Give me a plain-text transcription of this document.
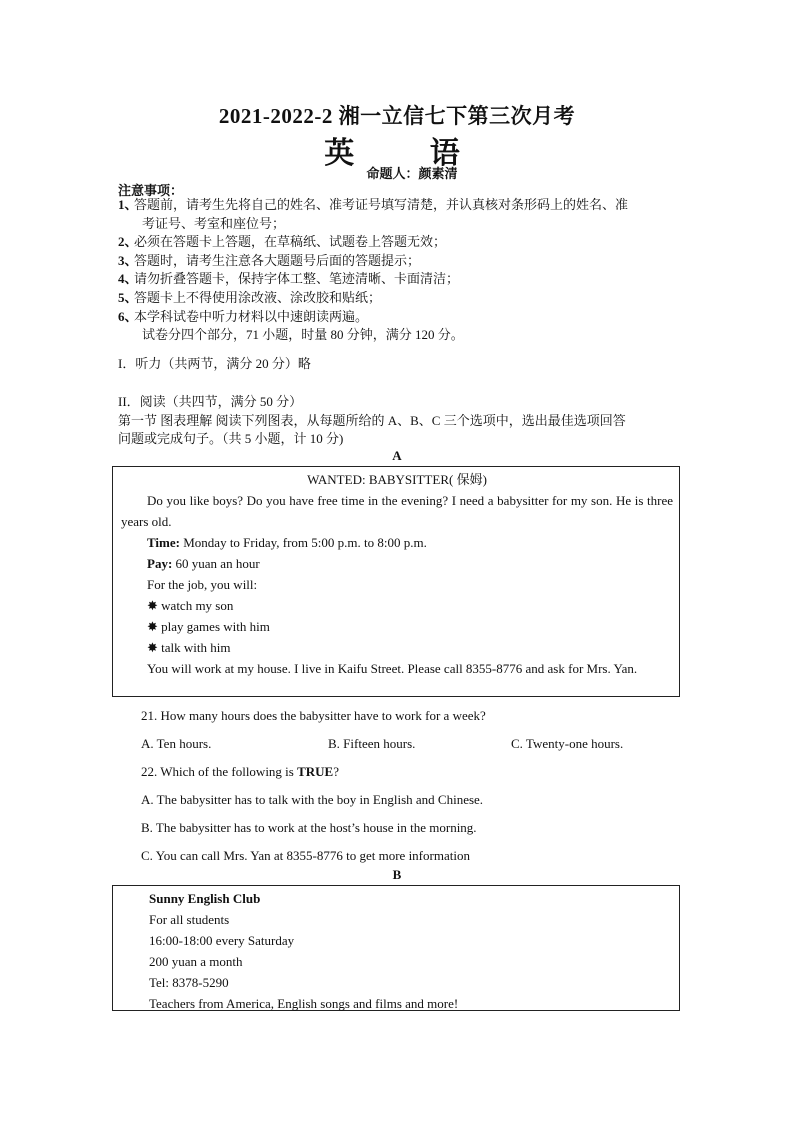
2021-2022-2 湘一立信七下第三次月考
英 语
命题人：颜素清
注意事项：
1、
答题前，请考生先将自己的姓名、准考证号填写清楚，并认真核对条形码上的姓名、准
考证号、考室和座位号；
2、
必须在答题卡上答题，在草稿纸、试题卷上答题无效；
3、
答题时，请考生注意各大题题号后面的答题提示；
4、
请勿折叠答题卡，保持字体工整、笔迹清晰、卡面清洁；
5、
答题卡上不得使用涂改液、涂改胶和贴纸；
6、
本学科试卷中听力材料以中速朗读两遍。
试卷分四个部分，71 小题，时量 80 分钟，满分 120 分。
I．听力（共两节，满分 20 分）略
II．阅读（共四节，满分 50 分）
第一节 图表理解 阅读下列图表，从每题所给的 A、B、C 三个选项中，选出最佳选项回答
问题或完成句子。（共 5 小题，计 10 分)
A
WANTED: BABYSITTER( 保姆)

Do you like boys? Do you have free time in the evening? I need a babysitter for my son. He is three years old.

Time: Monday to Friday, from 5:00 p.m. to 8:00 p.m.

Pay: 60 yuan an hour

For the job, you will:

✸ watch my son
✸ play games with him
✸ talk with him

You will work at my house. I live in Kaifu Street. Please call 8355-8776 and ask for Mrs. Yan.

21. How many hours does the babysitter have to work for a week?
A. Ten hours.	B. Fifteen hours.	C. Twenty-one hours.
22. Which of the following is TRUE?
A. The babysitter has to talk with the boy in English and Chinese.
B. The babysitter has to work at the host’s house in the morning.
C. You can call Mrs. Yan at 8355-8776 to get more information
B
Sunny English Club
For all students
16:00-18:00 every Saturday
200 yuan a month
Tel: 8378-5290
Teachers from America, English songs and films and more!
